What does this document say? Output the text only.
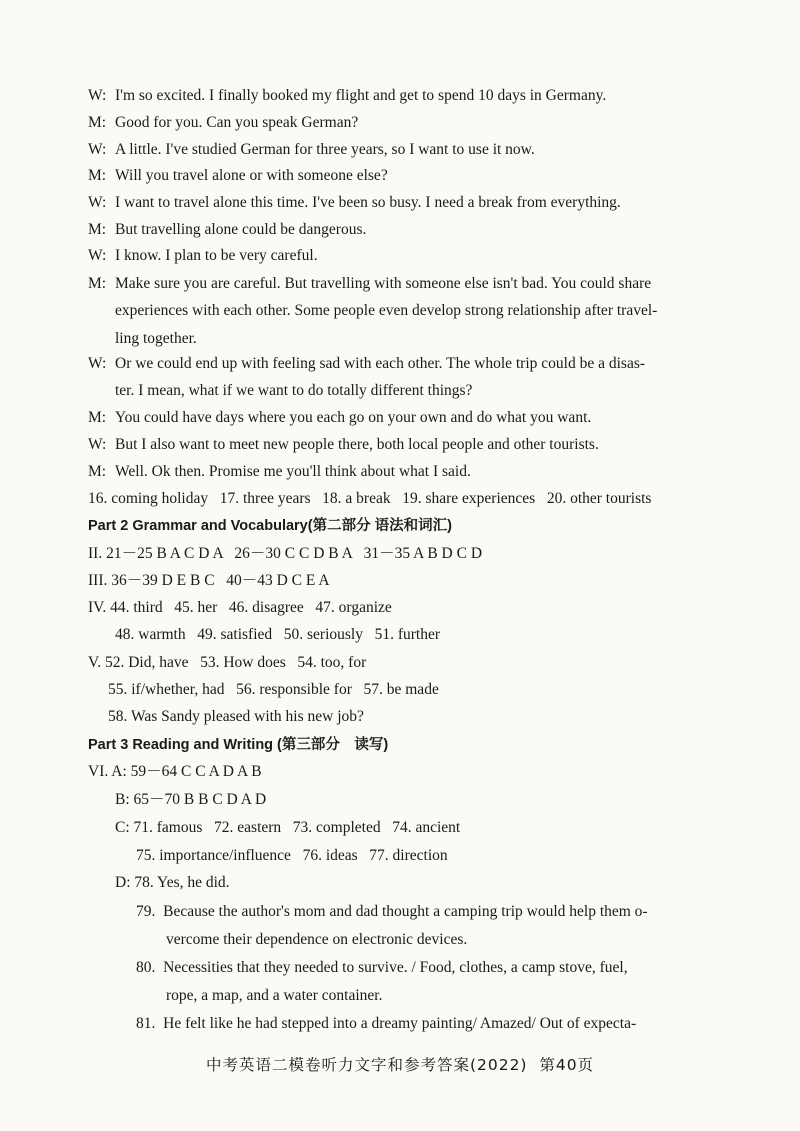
W: I'm so excited. I finally booked my flight and get to spend 10 days in Germany.
M: Good for you. Can you speak German?
W: A little. I've studied German for three years, so I want to use it now.
M: Will you travel alone or with someone else?
W: I want to travel alone this time. I've been so busy. I need a break from everything.
M: But travelling alone could be dangerous.
W: I know. I plan to be very careful.
M: Make sure you are careful. But travelling with someone else isn't bad. You could share
experiences with each other. Some people even develop strong relationship after travel-
ling together.
W: Or we could end up with feeling sad with each other. The whole trip could be a disas-
ter. I mean, what if we want to do totally different things?
M: You could have days where you each go on your own and do what you want.
W: But I also want to meet new people there, both local people and other tourists.
M: Well. Ok then. Promise me you'll think about what I said.
16. coming holiday   17. three years   18. a break   19. share experiences   20. other tourists
Part 2 Grammar and Vocabulary(第二部分 语法和词汇)
II. 21－25 B A C D A   26－30 C C D B A   31－35 A B D C D
III. 36－39 D E B C   40－43 D C E A
IV. 44. third   45. her   46. disagree   47. organize
48. warmth   49. satisfied   50. seriously   51. further
V. 52. Did, have   53. How does   54. too, for
55. if/whether, had   56. responsible for   57. be made
58. Was Sandy pleased with his new job?
Part 3 Reading and Writing (第三部分　读写)
VI. A: 59－64 C C A D A B
B: 65－70 B B C D A D
C: 71. famous   72. eastern   73. completed   74. ancient
75. importance/influence   76. ideas   77. direction
D: 78. Yes, he did.
79.  Because the author's mom and dad thought a camping trip would help them o-
vercome their dependence on electronic devices.
80.  Necessities that they needed to survive. / Food, clothes, a camp stove, fuel,
rope, a map, and a water container.
81.  He felt like he had stepped into a dreamy painting/ Amazed/ Out of expecta-
中考英语二模卷听力文字和参考答案(2022)  第40页
